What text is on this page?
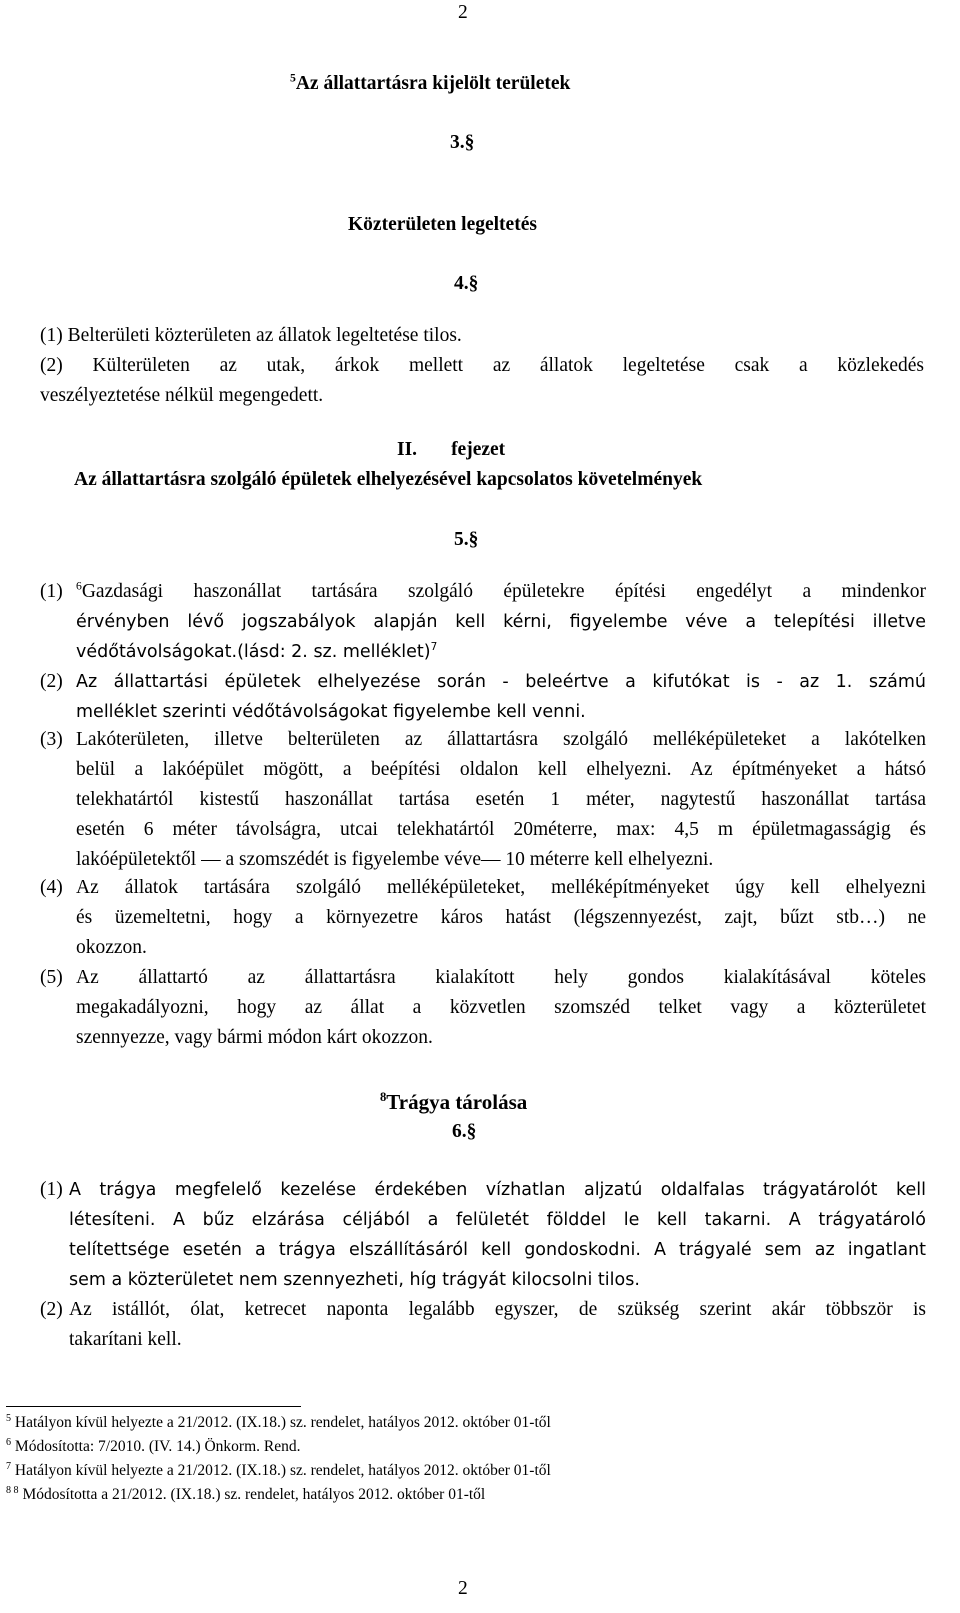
2
$^5$Az állattartásra kijelölt területek
3.§
Közterületen legeltetés
4.§
(1) Belterületi közterületen az állatok legeltetése tilos.
(2) Külterületen az utak, árkok mellett az állatok legeltetése csak a közlekedés
veszélyeztetése nélkül megengedett.
II. fejezet
Az állattartásra szolgáló épületek elhelyezésével kapcsolatos követelmények
5.§
(1) $^6$Gazdasági haszonállat tartására szolgáló épületekre építési engedélyt a mindenkor
érvényben lévő jogszabályok alapján kell kérni, figyelembe véve a telepítési illetve
védőtávolságokat.(lásd: 2. sz. melléklet)$^7$
(2) Az állattartási épületek elhelyezése során - beleértve a kifutókat is - az 1. számú
melléklet szerinti védőtávolságokat figyelembe kell venni.
(3) Lakóterületen, illetve belterületen az állattartásra szolgáló melléképületeket a lakótelken
belül a lakóépület mögött, a beépítési oldalon kell elhelyezni. Az építményeket a hátsó
telekhatártól kistestű haszonállat tartása esetén 1 méter, nagytestű haszonállat tartása
esetén 6 méter távolságra, utcai telekhatártól 20méterre, max: 4,5 m épületmagasságig és
lakóépületektől — a szomszédét is figyelembe véve— 10 méterre kell elhelyezni.
(4) Az állatok tartására szolgáló melléképületeket, melléképítményeket úgy kell elhelyezni
és üzemeltetni, hogy a környezetre káros hatást (légszennyezést, zajt, bűzt stb…) ne
okozzon.
(5) Az állattartó az állattartásra kialakított hely gondos kialakításával köteles
megakadályozni, hogy az állat a közvetlen szomszéd telket vagy a közterületet
szennyezze, vagy bármi módon kárt okozzon.
$^8$Trágya tárolása
6.§
(1) A trágya megfelelő kezelése érdekében vízhatlan aljzatú oldalfalas trágyatárolót kell
létesíteni. A bűz elzárása céljából a felületét földdel le kell takarni. A trágyatároló
telítettsége esetén a trágya elszállításáról kell gondoskodni. A trágyalé sem az ingatlant
sem a közterületet nem szennyezheti, híg trágyát kilocsolni tilos.
(2) Az istállót, ólat, ketrecet naponta legalább egyszer, de szükség szerint akár többször is
takarítani kell.
$^5$ Hatályon kívül helyezte a 21/2012. (IX.18.) sz. rendelet, hatályos 2012. október 01-től
$^6$ Módosította: 7/2010. (IV. 14.) Önkorm. Rend.
$^7$ Hatályon kívül helyezte a 21/2012. (IX.18.) sz. rendelet, hatályos 2012. október 01-től
$^{8 8}$ Módosította a 21/2012. (IX.18.) sz. rendelet, hatályos 2012. október 01-től
2
